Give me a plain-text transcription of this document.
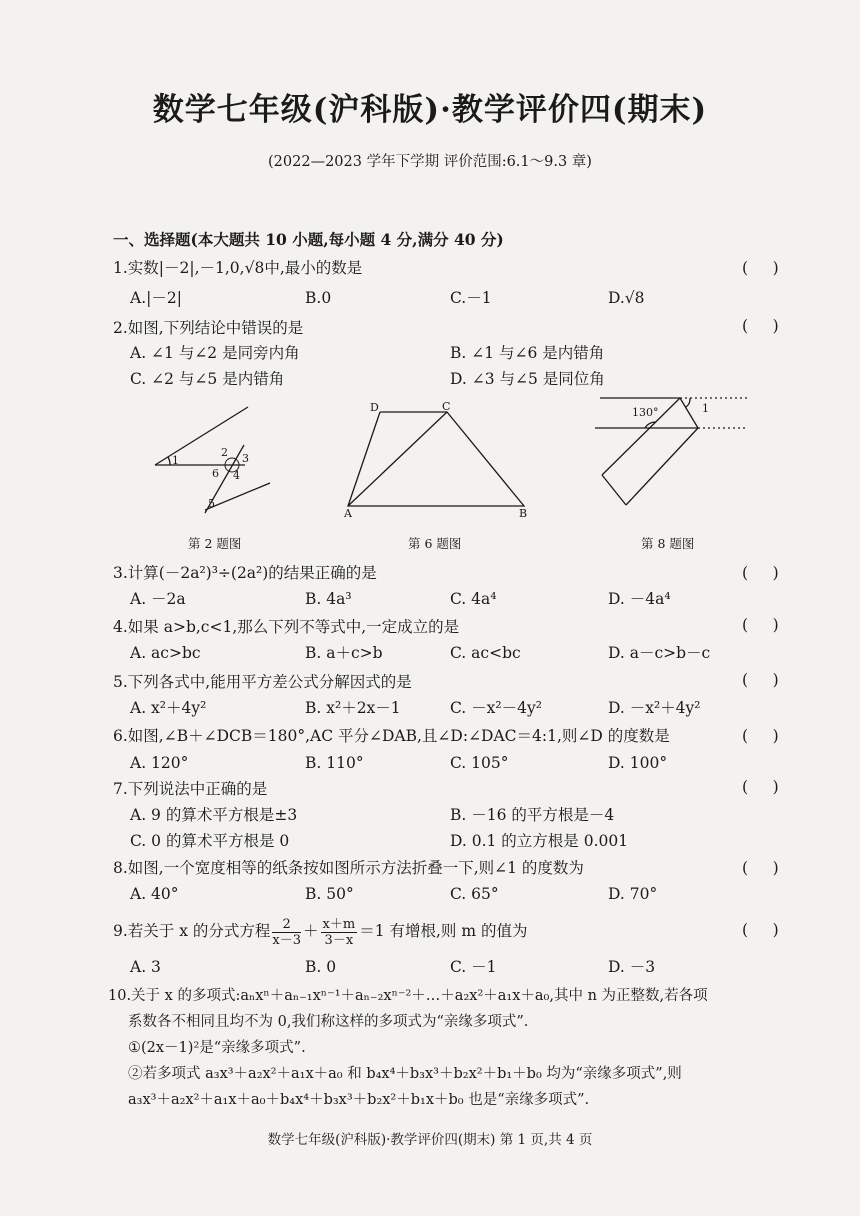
数学七年级(沪科版)·教学评价四(期末)
(2022—2023 学年下学期 评价范围:6.1～9.3 章)
一、选择题(本大题共 10 小题,每小题 4 分,满分 40 分)
1.实数|－2|,－1,0,√8中,最小的数是	(     )
A.|－2|	B.0	C.－1	D.√8
2.如图,下列结论中错误的是	(     )
A. ∠1 与∠2 是同旁内角	B. ∠1 与∠6 是内错角
C. ∠2 与∠5 是内错角	D. ∠3 与∠5 是同位角
1
2 3
4
5
6
第 2 题图
D	C
A	B
第 6 题图
130°	1
第 8 题图
3.计算(－2a²)³÷(2a²)的结果正确的是	(     )
A. －2a	B. 4a³	C. 4a⁴	D. －4a⁴
4.如果 a>b,c<1,那么下列不等式中,一定成立的是	(     )
A. ac>bc	B. a＋c>b	C. ac<bc	D. a－c>b－c
5.下列各式中,能用平方差公式分解因式的是	(     )
A. x²＋4y²	B. x²＋2x－1	C. －x²－4y²	D. －x²＋4y²
6.如图,∠B＋∠DCB＝180°,AC 平分∠DAB,且∠D:∠DAC＝4:1,则∠D 的度数是	(     )
A. 120°	B. 110°	C. 105°	D. 100°
7.下列说法中正确的是	(     )
A. 9 的算术平方根是±3	B. －16 的平方根是－4
C. 0 的算术平方根是 0	D. 0.1 的立方根是 0.001
8.如图,一个宽度相等的纸条按如图所示方法折叠一下,则∠1 的度数为	(     )
A. 40°	B. 50°	C. 65°	D. 70°
9.若关于 x 的分式方程 $\frac{2}{x-3} + \frac{x+m}{3-x} =1$ 有增根,则 m 的值为	(     )
A. 3	B. 0	C. －1	D. －3
10.关于 x 的多项式:aₙxⁿ＋aₙ₋₁xⁿ⁻¹＋aₙ₋₂xⁿ⁻²＋…＋a₂x²＋a₁x＋a₀,其中 n 为正整数,若各项
系数各不相同且均不为 0,我们称这样的多项式为“亲缘多项式”.
①(2x－1)²是“亲缘多项式”.
②若多项式 a₃x³＋a₂x²＋a₁x＋a₀ 和 b₄x⁴＋b₃x³＋b₂x²＋b₁＋b₀ 均为“亲缘多项式”,则
a₃x³＋a₂x²＋a₁x＋a₀＋b₄x⁴＋b₃x³＋b₂x²＋b₁x＋b₀ 也是“亲缘多项式”.
数学七年级(沪科版)·教学评价四(期末) 第 1 页,共 4 页
